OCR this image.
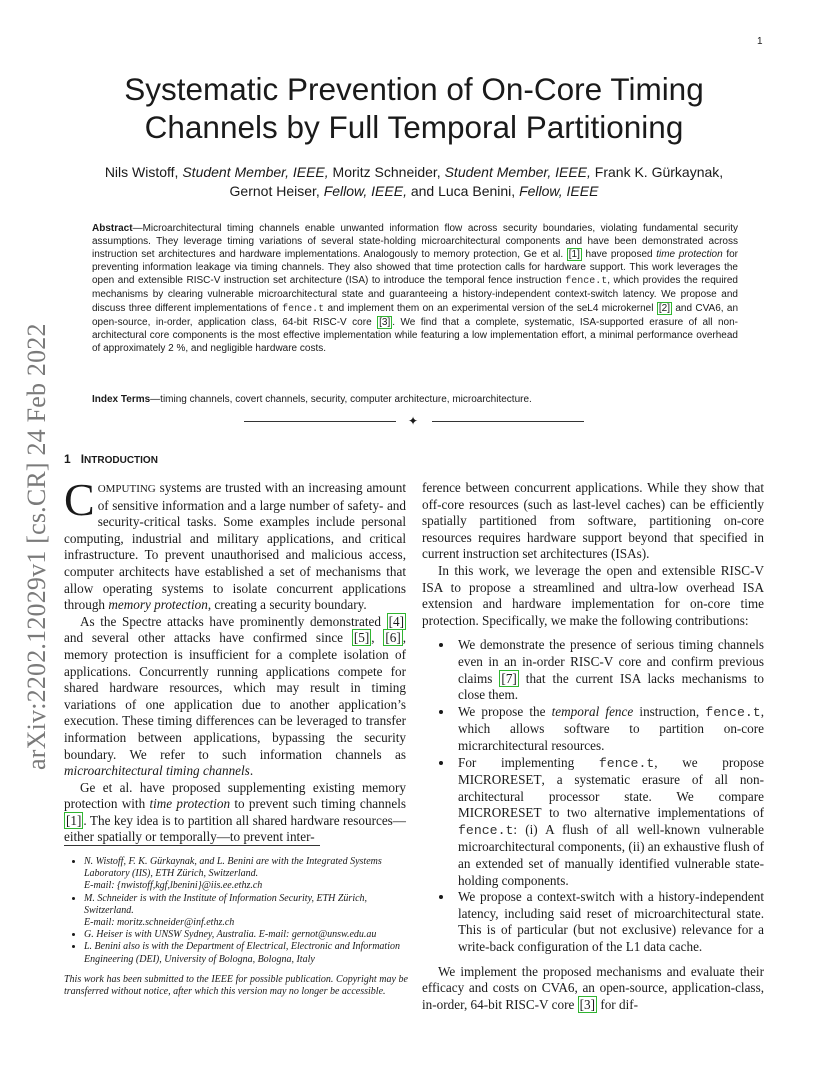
1
arXiv:2202.12029v1 [cs.CR] 24 Feb 2022
Systematic Prevention of On-Core Timing
Channels by Full Temporal Partitioning
Nils Wistoff, Student Member, IEEE, Moritz Schneider, Student Member, IEEE, Frank K. Gürkaynak,
Gernot Heiser, Fellow, IEEE, and Luca Benini, Fellow, IEEE
Abstract—Microarchitectural timing channels enable unwanted information flow across security boundaries, violating fundamental security assumptions. They leverage timing variations of several state-holding microarchitectural components and have been demonstrated across instruction set architectures and hardware implementations. Analogously to memory protection, Ge et al. [1] have proposed time protection for preventing information leakage via timing channels. They also showed that time protection calls for hardware support. This work leverages the open and extensible RISC-V instruction set architecture (ISA) to introduce the temporal fence instruction fence.t, which provides the required mechanisms by clearing vulnerable microarchitectural state and guaranteeing a history-independent context-switch latency. We propose and discuss three different implementations of fence.t and implement them on an experimental version of the seL4 microkernel [2] and CVA6, an open-source, in-order, application class, 64-bit RISC-V core [3] . We find that a complete, systematic, ISA-supported erasure of all non-architectural core components is the most effective implementation while featuring a low implementation effort, a minimal performance overhead of approximately 2 %, and negligible hardware costs.
Index Terms—timing channels, covert channels, security, computer architecture, microarchitecture.
✦
1 INTRODUCTION

COMPUTING systems are trusted with an increasing amount of sensitive information and a large number of safety- and security-critical tasks. Some examples include personal computing, industrial and military applications, and critical infrastructure. To prevent unauthorised and malicious access, computer architects have established a set of mechanisms that allow operating systems to isolate concurrent applications through memory protection, creating a security boundary.

As the Spectre attacks have prominently demonstrated [4] and several other attacks have confirmed since [5] , [6] , memory protection is insufficient for a complete isolation of applications. Concurrently running applications compete for shared hardware resources, which may result in timing variations of one application due to another application’s execution. These timing differences can be leveraged to transfer information between applications, bypassing the security boundary. We refer to such information channels as microarchitectural timing channels.

Ge et al. have proposed supplementing existing memory protection with time protection to prevent such timing channels [1] . The key idea is to partition all shared hardware resources—either spatially or temporally—to prevent inter-

• N. Wistoff, F. K. Gürkaynak, and L. Benini are with the Integrated Systems Laboratory (IIS), ETH Zürich, Switzerland.
E-mail: {nwistoff,kgf,lbenini}@iis.ee.ethz.ch
• M. Schneider is with the Institute of Information Security, ETH Zürich, Switzerland.
E-mail: moritz.schneider@inf.ethz.ch
• G. Heiser is with UNSW Sydney, Australia. E-mail: gernot@unsw.edu.au
• L. Benini also is with the Department of Electrical, Electronic and Information Engineering (DEI), University of Bologna, Bologna, Italy
This work has been submitted to the IEEE for possible publication. Copyright may be transferred without notice, after which this version may no longer be accessible.

ference between concurrent applications. While they show that off-core resources (such as last-level caches) can be efficiently spatially partitioned from software, partitioning on-core resources requires hardware support beyond that specified in current instruction set architectures (ISAs).

In this work, we leverage the open and extensible RISC-V ISA to propose a streamlined and ultra-low overhead ISA extension and hardware implementation for on-core time protection. Specifically, we make the following contributions:

• We demonstrate the presence of serious timing channels even in an in-order RISC-V core and confirm previous claims [7] that the current ISA lacks mechanisms to close them.
• We propose the temporal fence instruction, fence.t, which allows software to partition on-core micrarchitectural resources.
• For implementing fence.t, we propose MICRORESET, a systematic erasure of all non-architectural processor state. We compare MICRORESET to two alternative implementations of fence.t: (i) A flush of all well-known vulnerable microarchitectural components, (ii) an exhaustive flush of an extended set of manually identified vulnerable state-holding components.
• We propose a context-switch with a history-independent latency, including said reset of microarchitectural state. This is of particular (but not exclusive) relevance for a write-back configuration of the L1 data cache.

We implement the proposed mechanisms and evaluate their efficacy and costs on CVA6, an open-source, application-class, in-order, 64-bit RISC-V core [3] for dif-
